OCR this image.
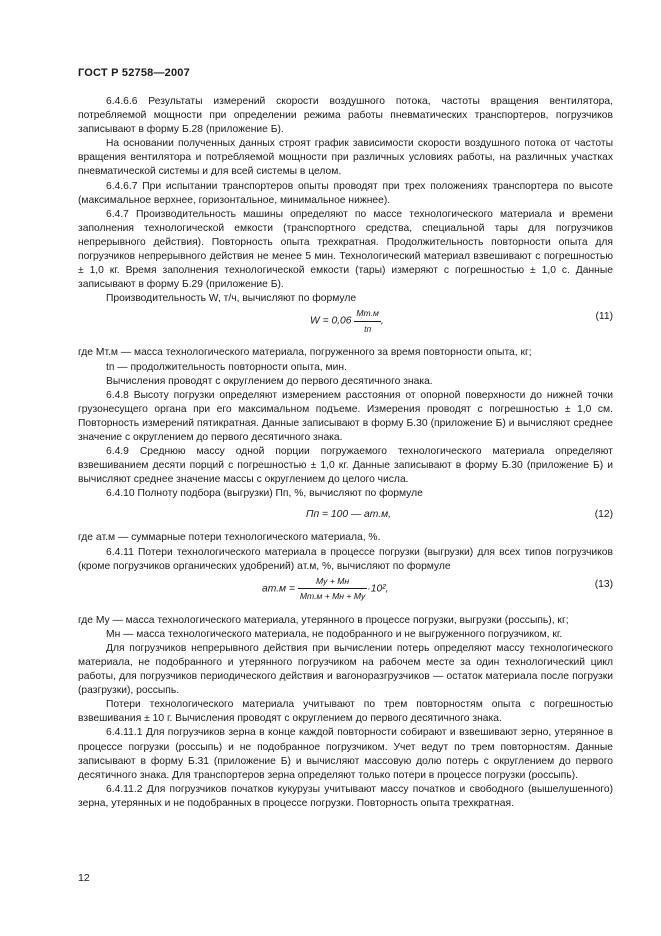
ГОСТ Р 52758—2007

6.4.6.6 Результаты измерений скорости воздушного потока, частоты вращения вентилятора, потребляемой мощности при определении режима работы пневматических транспортеров, погрузчиков записывают в форму Б.28 (приложение Б).

На основании полученных данных строят график зависимости скорости воздушного потока от частоты вращения вентилятора и потребляемой мощности при различных условиях работы, на различных участках пневматической системы и для всей системы в целом.

6.4.6.7 При испытании транспортеров опыты проводят при трех положениях транспортера по высоте (максимальное верхнее, горизонтальное, минимальное нижнее).

6.4.7 Производительность машины определяют по массе технологического материала и времени заполнения технологической емкости (транспортного средства, специальной тары для погрузчиков непрерывного действия). Повторность опыта трехкратная. Продолжительность повторности опыта для погрузчиков непрерывного действия не менее 5 мин. Технологический материал взвешивают с погрешностью ± 1,0 кг. Время заполнения технологической емкости (тары) измеряют с погрешностью ± 1,0 с. Данные записывают в форму Б.29 (приложение Б).

Производительность W, т/ч, вычисляют по формуле

$W = 0,06 \frac{Mт.м}{tп}$ ,	(11)

где Mт.м — масса технологического материала, погруженного за время повторности опыта, кг;

tп — продолжительность повторности опыта, мин.

Вычисления проводят с округлением до первого десятичного знака.

6.4.8 Высоту погрузки определяют измерением расстояния от опорной поверхности до нижней точки грузонесущего органа при его максимальном подъеме. Измерения проводят с погрешностью ± 1,0 см. Повторность измерений пятикратная. Данные записывают в форму Б.30 (приложение Б) и вычисляют среднее значение с округлением до первого десятичного знака.

6.4.9 Среднюю массу одной порции погружаемого технологического материала определяют взвешиванием десяти порций с погрешностью ± 1,0 кг. Данные записывают в форму Б.30 (приложение Б) и вычисляют среднее значение массы с округлением до целого числа.

6.4.10 Полноту подбора (выгрузки) Пп, %, вычисляют по формуле

Пп = 100 — aт.м,	(12)

где aт.м — суммарные потери технологического материала, %.

6.4.11 Потери технологического материала в процессе погрузки (выгрузки) для всех типов погрузчиков (кроме погрузчиков органических удобрений) aт.м, %, вычисляют по формуле

$aт.м = \frac{Mу + Mн}{Mт.м + Mн + Mу} \cdot 10^2$,	(13)

где Mу — масса технологического материала, утерянного в процессе погрузки, выгрузки (россыпь), кг;

Mн — масса технологического материала, не подобранного и не выгруженного погрузчиком, кг.

Для погрузчиков непрерывного действия при вычислении потерь определяют массу технологического материала, не подобранного и утерянного погрузчиком на рабочем месте за один технологический цикл работы, для погрузчиков периодического действия и вагоноразгрузчиков — остаток материала после погрузки (разгрузки), россыпь.

Потери технологического материала учитывают по трем повторностям опыта с погрешностью взвешивания ± 10 г. Вычисления проводят с округлением до первого десятичного знака.

6.4.11.1 Для погрузчиков зерна в конце каждой повторности собирают и взвешивают зерно, утерянное в процессе погрузки (россыпь) и не подобранное погрузчиком. Учет ведут по трем повторностям. Данные записывают в форму Б.31 (приложение Б) и вычисляют массовую долю потерь с округлением до первого десятичного знака. Для транспортеров зерна определяют только потери в процессе погрузки (россыпь).

6.4.11.2 Для погрузчиков початков кукурузы учитывают массу початков и свободного (вышелушенного) зерна, утерянных и не подобранных в процессе погрузки. Повторность опыта трехкратная.

12
